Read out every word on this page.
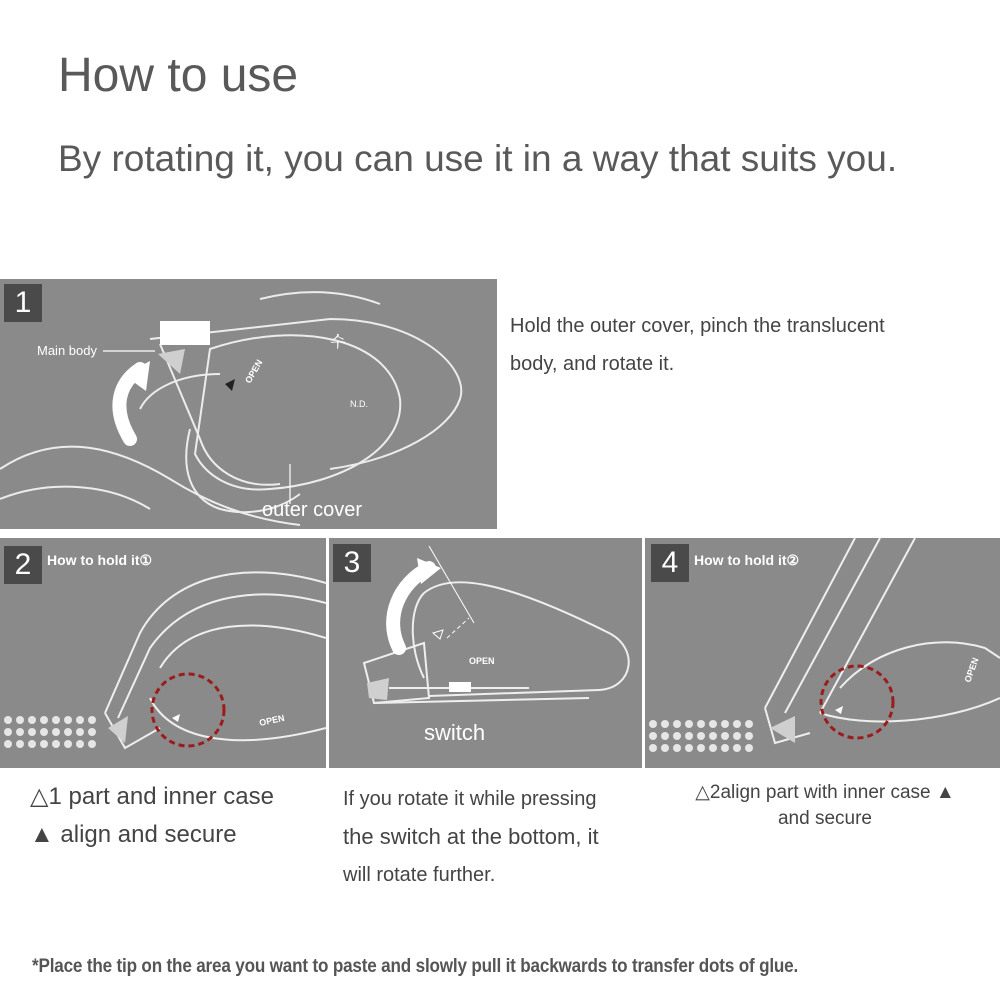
How to use
By rotating it, you can use it in a way that suits you.
OPEN
수
N.D.
1
Main body
outer cover
Hold the outer cover, pinch the translucent
body, and rotate it.
OPEN
2	How to hold it①
△1 part and inner case
▲ align and secure
OPEN
3
switch
If you rotate it while pressing
the switch at the bottom, it
will rotate further.
OPEN
4	How to hold it②
△2align part with inner case ▲
and secure
*Place the tip on the area you want to paste and slowly pull it backwards to transfer dots of glue.
